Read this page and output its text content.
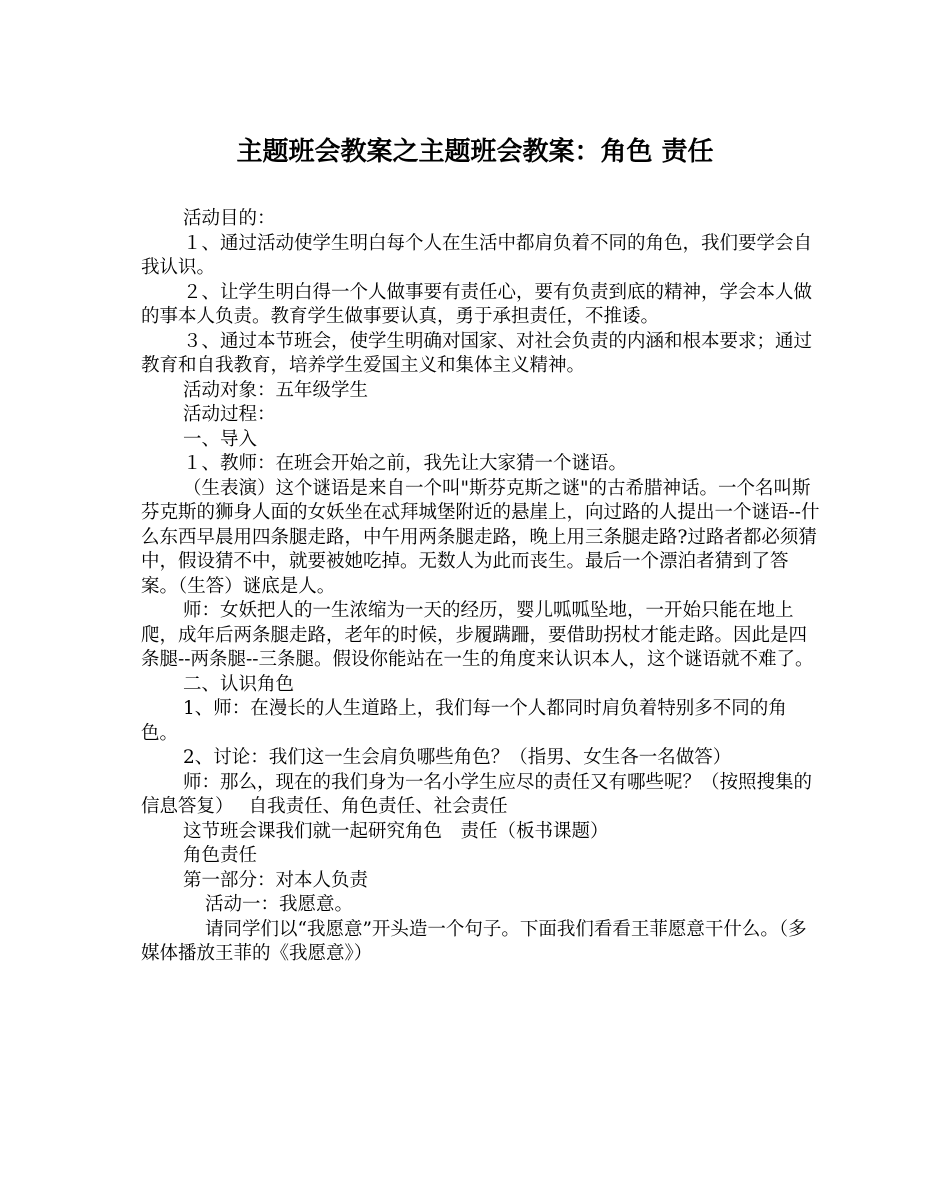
主题班会教案之主题班会教案：角色 责任

活动目的：

１、通过活动使学生明白每个人在生活中都肩负着不同的角色，我们要学会自我认识。

２、让学生明白得一个人做事要有责任心，要有负责到底的精神，学会本人做的事本人负责。教育学生做事要认真，勇于承担责任，不推诿。

３、通过本节班会，使学生明确对国家、对社会负责的内涵和根本要求；通过教育和自我教育，培养学生爱国主义和集体主义精神。

活动对象：五年级学生

活动过程：

一、导入

１、教师：在班会开始之前，我先让大家猜一个谜语。

（生表演）这个谜语是来自一个叫"斯芬克斯之谜"的古希腊神话。一个名叫斯芬克斯的狮身人面的女妖坐在忒拜城堡附近的悬崖上，向过路的人提出一个谜语--什么东西早晨用四条腿走路，中午用两条腿走路，晚上用三条腿走路?过路者都必须猜中，假设猜不中，就要被她吃掉。无数人为此而丧生。最后一个漂泊者猜到了答案。（生答）谜底是人。

师：女妖把人的一生浓缩为一天的经历，婴儿呱呱坠地，一开始只能在地上爬，成年后两条腿走路，老年的时候，步履蹒跚，要借助拐杖才能走路。因此是四条腿--两条腿--三条腿。假设你能站在一生的角度来认识本人，这个谜语就不难了。

二、认识角色

1、师：在漫长的人生道路上，我们每一个人都同时肩负着特别多不同的角色。

2、讨论：我们这一生会肩负哪些角色？（指男、女生各一名做答）

师：那么，现在的我们身为一名小学生应尽的责任又有哪些呢？（按照搜集的信息答复）　 自我责任、角色责任、社会责任

这节班会课我们就一起研究角色　责任（板书课题）

角色责任

第一部分：对本人负责

活动一：我愿意。

请同学们以“我愿意”开头造一个句子。下面我们看看王菲愿意干什么。（多媒体播放王菲的《我愿意》）
